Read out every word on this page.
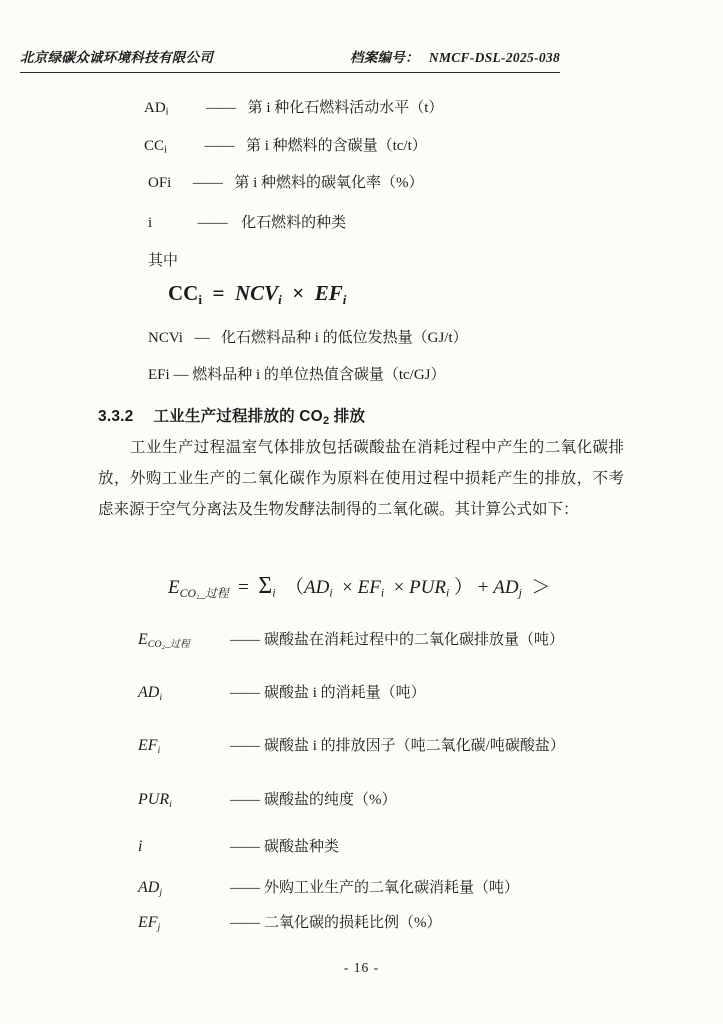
北京绿碳众诚环境科技有限公司	档案编号： NMCF-DSL-2025-038
$AD_i$	—— 第 i 种化石燃料活动水平（t）
$CC_i$	—— 第 i 种燃料的含碳量（tc/t）
OFi —— 第 i 种燃料的碳氧化率（%）
i	—— 化石燃料的种类
其中
CCi  =  NCVi  ×  EFi
NCVi — 化石燃料品种 i 的低位发热量（GJ/t）
EFi — 燃料品种 i 的单位热值含碳量（tc/GJ）
3.3.2 工业生产过程排放的 CO2 排放
工业生产过程温室气体排放包括碳酸盐在消耗过程中产生的二氧化碳排放，外购工业生产的二氧化碳作为原料在使用过程中损耗产生的排放，不考虑来源于空气分离法及生物发酵法制得的二氧化碳。其计算公式如下：
ECO₂_过程  =  Σi  （ADi  × EFi  × PURi ） + ADj  ＞
ECO₂_过程	—— 碳酸盐在消耗过程中的二氧化碳排放量（吨）
ADi	—— 碳酸盐 i 的消耗量（吨）
EFi	—— 碳酸盐 i 的排放因子（吨二氧化碳/吨碳酸盐）
PURi	—— 碳酸盐的纯度（%）
i	—— 碳酸盐种类
ADj	—— 外购工业生产的二氧化碳消耗量（吨）
EFj	—— 二氧化碳的损耗比例（%）
- 16 -
